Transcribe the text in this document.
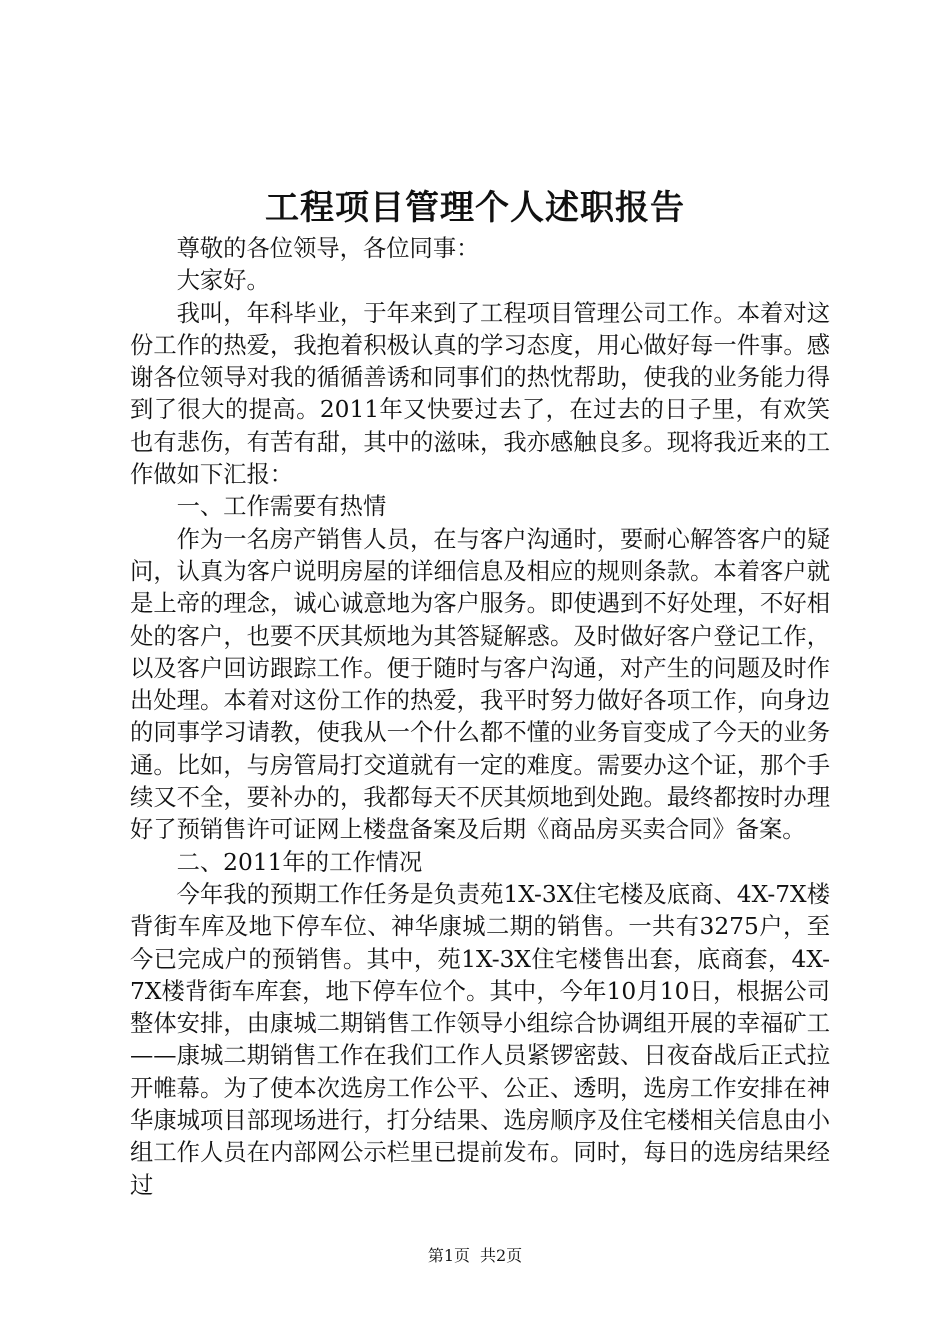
工程项目管理个人述职报告

尊敬的各位领导，各位同事：

大家好。

我叫，年科毕业，于年来到了工程项目管理公司工作。本着对这份工作的热爱，我抱着积极认真的学习态度，用心做好每一件事。感谢各位领导对我的循循善诱和同事们的热忱帮助，使我的业务能力得到了很大的提高。2011年又快要过去了，在过去的日子里，有欢笑也有悲伤，有苦有甜，其中的滋味，我亦感触良多。现将我近来的工作做如下汇报：

一、工作需要有热情

作为一名房产销售人员，在与客户沟通时，要耐心解答客户的疑问，认真为客户说明房屋的详细信息及相应的规则条款。本着客户就是上帝的理念，诚心诚意地为客户服务。即使遇到不好处理，不好相处的客户，也要不厌其烦地为其答疑解惑。及时做好客户登记工作，以及客户回访跟踪工作。便于随时与客户沟通，对产生的问题及时作出处理。本着对这份工作的热爱，我平时努力做好各项工作，向身边的同事学习请教，使我从一个什么都不懂的业务盲变成了今天的业务通。比如，与房管局打交道就有一定的难度。需要办这个证，那个手续又不全，要补办的，我都每天不厌其烦地到处跑。最终都按时办理好了预销售许可证网上楼盘备案及后期《商品房买卖合同》备案。

二、2011年的工作情况

今年我的预期工作任务是负责苑1X-3X住宅楼及底商、4X-7X楼背街车库及地下停车位、神华康城二期的销售。一共有3275户，至今已完成户的预销售。其中，苑1X-3X住宅楼售出套，底商套，4X-7X楼背街车库套，地下停车位个。其中，今年10月10日，根据公司整体安排，由康城二期销售工作领导小组综合协调组开展的幸福矿工——康城二期销售工作在我们工作人员紧锣密鼓、日夜奋战后正式拉开帷幕。为了使本次选房工作公平、公正、透明，选房工作安排在神华康城项目部现场进行，打分结果、选房顺序及住宅楼相关信息由小组工作人员在内部网公示栏里已提前发布。同时，每日的选房结果经过

第1页 共2页
